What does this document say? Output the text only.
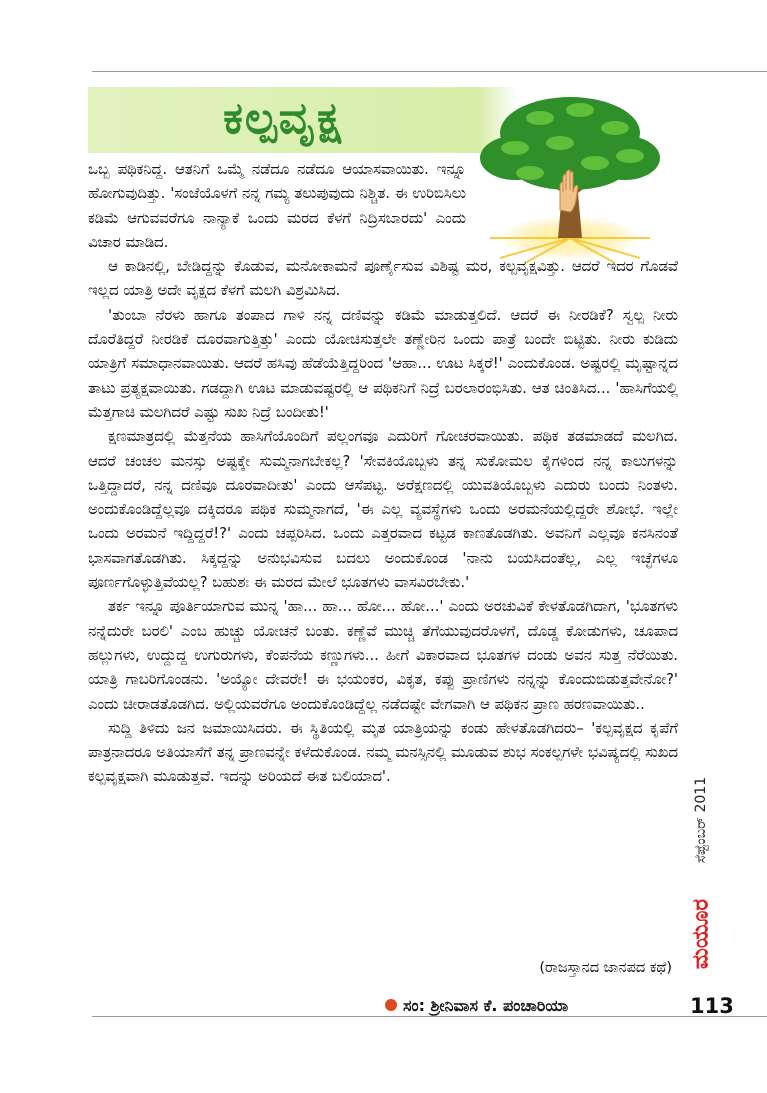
ಕಲ್ಪವೃಕ್ಷ

ಒಬ್ಬ ಪಥಿಕನಿದ್ದ. ಆತನಿಗೆ ಒಮ್ಮೆ ನಡೆದೂ ನಡೆದೂ ಆಯಾಸವಾಯಿತು. ಇನ್ನೂ ಹೋಗುವುದಿತ್ತು. 'ಸಂಜೆಯೊಳಗೆ ನನ್ನ ಗಮ್ಯ ತಲುಪುವುದು ನಿಶ್ಚಿತ. ಈ ಉರಿಬಿಸಿಲು ಕಡಿಮೆ ಆಗುವವರೆಗೂ ನಾನ್ಯಾಕೆ ಒಂದು ಮರದ ಕೆಳಗೆ ನಿದ್ರಿಸಬಾರದು' ಎಂದು ವಿಚಾರ ಮಾಡಿದ.

ಆ ಕಾಡಿನಲ್ಲಿ, ಬೇಡಿದ್ದನ್ನು ಕೊಡುವ, ಮನೋಕಾಮನೆ ಪೂರ್ಣೈಸುವ ವಿಶಿಷ್ಟ ಮರ, ಕಲ್ಪವೃಕ್ಷವಿತ್ತು. ಆದರೆ ಇದರ ಗೊಡವೆ ಇಲ್ಲದ ಯಾತ್ರಿ ಅದೇ ವೃಕ್ಷದ ಕೆಳಗೆ ಮಲಗಿ ವಿಶ್ರಮಿಸಿದ.

'ತುಂಬಾ ನೆರಳು ಹಾಗೂ ತಂಪಾದ ಗಾಳಿ ನನ್ನ ದಣಿವನ್ನು ಕಡಿಮೆ ಮಾಡುತ್ತಲಿದೆ. ಆದರೆ ಈ ನೀರಡಿಕೆ? ಸ್ವಲ್ಪ ನೀರು ದೊರೆತಿದ್ದರೆ ನೀರಡಿಕೆ ದೂರವಾಗುತ್ತಿತ್ತು' ಎಂದು ಯೋಚಿಸುತ್ತಲೇ ತಣ್ಣೇರಿನ ಒಂದು ಪಾತ್ರೆ ಬಂದೇ ಬಿಟ್ಟಿತು. ನೀರು ಕುಡಿದು ಯಾತ್ರಿಗೆ ಸಮಾಧಾನವಾಯಿತು. ಆದರೆ ಹಸಿವು ಹೆಡೆಯೆತ್ತಿದ್ದರಿಂದ 'ಆಹಾ... ಊಟ ಸಿಕ್ಕರೆ!' ಎಂದುಕೊಂಡ. ಅಷ್ಟರಲ್ಲಿ ಮೃಷ್ಟಾನ್ನದ ತಾಟು ಪ್ರತ್ಯಕ್ಷವಾಯಿತು. ಗಡದ್ದಾಗಿ ಊಟ ಮಾಡುವಷ್ಟರಲ್ಲಿ ಆ ಪಥಿಕನಿಗೆ ನಿದ್ರೆ ಬರಲಾರಂಭಿಸಿತು. ಆತ ಚಿಂತಿಸಿದ... 'ಹಾಸಿಗೆಯಲ್ಲಿ ಮೆತ್ತಗಾಚಿ ಮಲಗಿದರೆ ಎಷ್ಟು ಸುಖ ನಿದ್ರೆ ಬಂದೀತು!'

ಕ್ಷಣಮಾತ್ರದಲ್ಲಿ ಮೆತ್ತನೆಯ ಹಾಸಿಗೆಯೊಂದಿಗೆ ಪಲ್ಲಂಗವೂ ಎದುರಿಗೆ ಗೋಚರವಾಯಿತು. ಪಥಿಕ ತಡಮಾಡದೆ ಮಲಗಿದ. ಆದರೆ ಚಂಚಲ ಮನಸ್ಸು ಅಷ್ಟಕ್ಕೇ ಸುಮ್ಮನಾಗಬೇಕಲ್ಲ? 'ಸೇವಕಿಯೊಬ್ಬಳು ತನ್ನ ಸುಕೋಮಲ ಕೈಗಳಿಂದ ನನ್ನ ಕಾಲುಗಳನ್ನು ಒತ್ತಿದ್ದಾದರೆ, ನನ್ನ ದಣಿವೂ ದೂರವಾದೀತು' ಎಂದು ಆಸೆಪಟ್ಟ. ಅರೆಕ್ಷಣದಲ್ಲಿ ಯುವತಿಯೊಬ್ಬಳು ಎದುರು ಬಂದು ನಿಂತಳು. ಅಂದುಕೊಂಡಿದ್ದೆಲ್ಲವೂ ದಕ್ಕಿದರೂ ಪಥಿಕ ಸುಮ್ಮನಾಗದೆ, 'ಈ ಎಲ್ಲ ವ್ಯವಸ್ಥೆಗಳು ಒಂದು ಅರಮನೆಯಲ್ಲಿದ್ದರೇ ಶೋಭೆ. ಇಲ್ಲೇ ಒಂದು ಅರಮನೆ ಇದ್ದಿದ್ದರೆ!?' ಎಂದು ಚಪ್ಪರಿಸಿದ. ಒಂದು ಎತ್ತರವಾದ ಕಟ್ಟಡ ಕಾಣತೊಡಗಿತು. ಅವನಿಗೆ ಎಲ್ಲವೂ ಕನಸಿನಂತೆ ಭಾಸವಾಗತೊಡಗಿತು. ಸಿಕ್ಕದ್ದನ್ನು ಅನುಭವಿಸುವ ಬದಲು ಅಂದುಕೊಂಡ 'ನಾನು ಬಯಸಿದಂತೆಲ್ಲ, ಎಲ್ಲ ಇಚ್ಛೆಗಳೂ ಪೂರ್ಣಗೊಳ್ಳುತ್ತಿವೆಯಲ್ಲ? ಬಹುಶಃ ಈ ಮರದ ಮೇಲೆ ಭೂತಗಳು ವಾಸವಿರಬೇಕು.'

ತರ್ಕ ಇನ್ನೂ ಪೂರ್ತಿಯಾಗುವ ಮುನ್ನ 'ಹಾ... ಹಾ... ಹೋ... ಹೋ...' ಎಂದು ಅರಚುವಿಕೆ ಕೇಳತೊಡಗಿದಾಗ, 'ಭೂತಗಳು ನನ್ನೆದುರೇ ಬರಲಿ' ಎಂಬ ಹುಚ್ಚು ಯೋಚನೆ ಬಂತು. ಕಣ್ಣೆವೆ ಮುಚ್ಚಿ ತೆಗೆಯುವುದರೊಳಗೆ, ದೊಡ್ಡ ಕೋಡುಗಳು, ಚೂಪಾದ ಹಲ್ಲುಗಳು, ಉದ್ದುದ್ದ ಉಗುರುಗಳು, ಕೆಂಪನೆಯ ಕಣ್ಣುಗಳು... ಹೀಗೆ ವಿಕಾರವಾದ ಭೂತಗಳ ದಂಡು ಅವನ ಸುತ್ತ ನೆರೆಯಿತು. ಯಾತ್ರಿ ಗಾಬರಿಗೊಂಡನು. 'ಅಯ್ಯೋ ದೇವರೇ! ಈ ಭಯಂಕರ, ವಿಕೃತ, ಕಪ್ಪು ಪ್ರಾಣಿಗಳು ನನ್ನನ್ನು ಕೊಂದುಬಿಡುತ್ತವೇನೋ?' ಎಂದು ಚೀರಾಡತೊಡಗಿದ. ಅಲ್ಲಿಯವರೆಗೂ ಅಂದುಕೊಂಡಿದ್ದೆಲ್ಲ ನಡೆದಷ್ಟೇ ವೇಗವಾಗಿ ಆ ಪಥಿಕನ ಪ್ರಾಣ ಹರಣವಾಯಿತು..

ಸುದ್ದಿ ತಿಳಿದು ಜನ ಜಮಾಯಿಸಿದರು. ಈ ಸ್ಥಿತಿಯಲ್ಲಿ ಮೃತ ಯಾತ್ರಿಯನ್ನು ಕಂಡು ಹೇಳತೊಡಗಿದರು– 'ಕಲ್ಪವೃಕ್ಷದ ಕೃಪೆಗೆ ಪಾತ್ರನಾದರೂ ಅತಿಯಾಸೆಗೆ ತನ್ನ ಪ್ರಾಣವನ್ನೇ ಕಳೆದುಕೊಂಡ. ನಮ್ಮ ಮನಸ್ಸಿನಲ್ಲಿ ಮೂಡುವ ಶುಭ ಸಂಕಲ್ಪಗಳೇ ಭವಿಷ್ಯದಲ್ಲಿ ಸುಖದ ಕಲ್ಪವೃಕ್ಷವಾಗಿ ಮೂಡುತ್ತವೆ. ಇದನ್ನು ಅರಿಯದೆ ಈತ ಬಲಿಯಾದ'.

(ರಾಜಸ್ತಾನದ ಜಾನಪದ ಕಥೆ)
ಸೆಪ್ಟೆಂಬರ್ 2011
ಮಯೂರ
ಸಂ: ಶ್ರೀನಿವಾಸ ಕೆ. ಪಂಚಾರಿಯಾ	113
